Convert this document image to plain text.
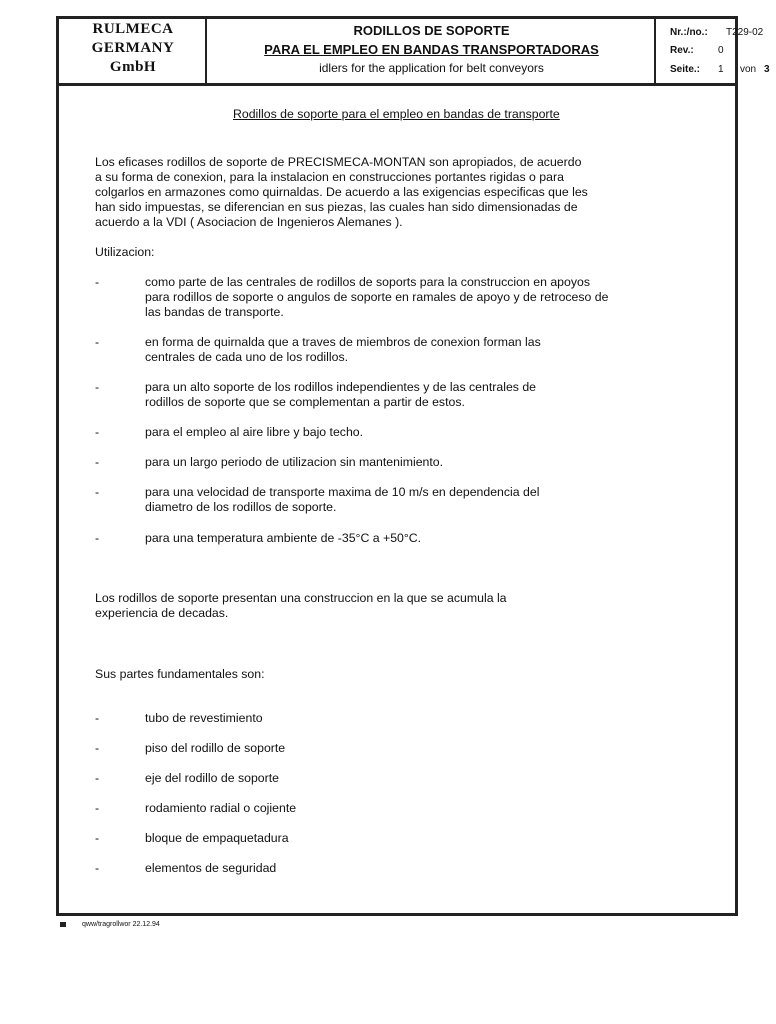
RULMECA
GERMANY
GmbH
RODILLOS DE SOPORTE
PARA EL EMPLEO EN BANDAS TRANSPORTADORAS
idlers for the application for belt conveyors
Nr.:/no.: T229-02
Rev.: 0
Seite.: 1 von 3
Rodillos de soporte para el empleo en bandas de transporte
Los eficases rodillos de soporte de PRECISMECA-MONTAN son apropiados, de acuerdo
a su forma de conexion, para la instalacion en construcciones portantes rigidas o para
colgarlos en armazones como quirnaldas. De acuerdo a las exigencias especificas que les
han sido impuestas, se diferencian en sus piezas, las cuales han sido dimensionadas de
acuerdo a la VDI ( Asociacion de Ingenieros Alemanes ).
Utilizacion:
-	como parte de las centrales de rodillos de soports para la construccion en apoyos
para rodillos de soporte o angulos de soporte en ramales de apoyo y de retroceso de
las bandas de transporte.
-	en forma de quirnalda que a traves de miembros de conexion forman las
centrales de cada uno de los rodillos.
-	para un alto soporte de los rodillos independientes y de las centrales de
rodillos de soporte que se complementan a partir de estos.
-	para el empleo al aire libre y bajo techo.
-	para un largo periodo de utilizacion sin mantenimiento.
-	para una velocidad de transporte maxima de 10 m/s en dependencia del
diametro de los rodillos de soporte.
-	para una temperatura ambiente de -35°C a +50°C.
Los rodillos de soporte presentan una construccion en la que se acumula la
experiencia de decadas.
Sus partes fundamentales son:
-	tubo de revestimiento
-	piso del rodillo de soporte
-	eje del rodillo de soporte
-	rodamiento radial o cojiente
-	bloque de empaquetadura
-	elementos de seguridad
qww/tragrollwor 22.12.94
